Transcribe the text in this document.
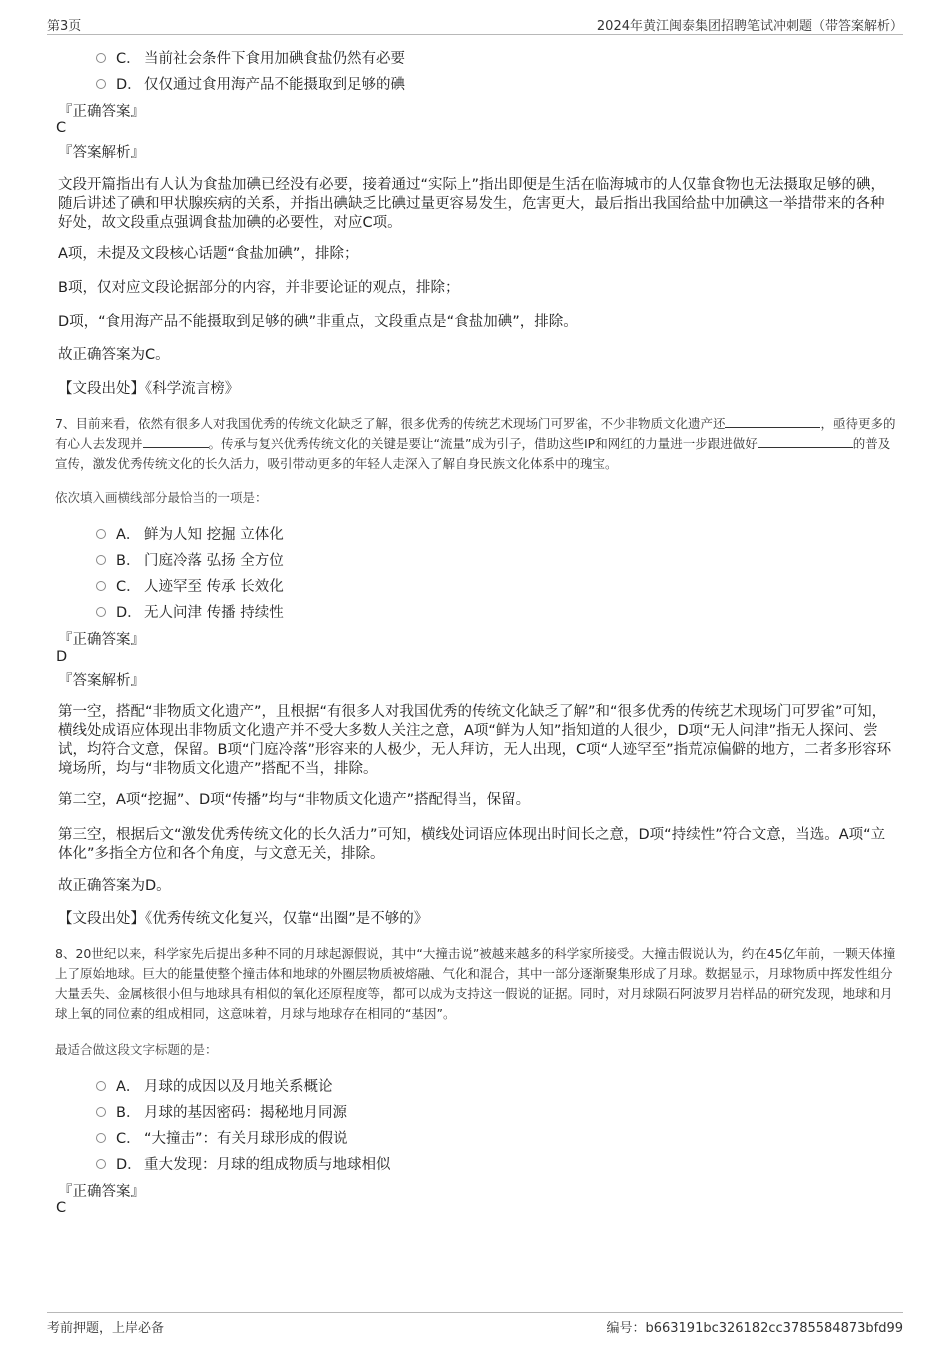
第3页	2024年黄江闽泰集团招聘笔试冲刺题（带答案解析）
C． 当前社会条件下食用加碘食盐仍然有必要
D． 仅仅通过食用海产品不能摄取到足够的碘
『正确答案』
C
『答案解析』
文段开篇指出有人认为食盐加碘已经没有必要，接着通过“实际上”指出即便是生活在临海城市的人仅靠食物也无法摄取足够的碘，随后讲述了碘和甲状腺疾病的关系，并指出碘缺乏比碘过量更容易发生，危害更大，最后指出我国给盐中加碘这一举措带来的各种好处，故文段重点强调食盐加碘的必要性，对应C项。
A项，未提及文段核心话题“食盐加碘”，排除；
B项，仅对应文段论据部分的内容，并非要论证的观点，排除；
D项，“食用海产品不能摄取到足够的碘”非重点，文段重点是“食盐加碘”，排除。
故正确答案为C。
【文段出处】《科学流言榜》
7、目前来看，依然有很多人对我国优秀的传统文化缺乏了解，很多优秀的传统艺术现场门可罗雀，不少非物质文化遗产还	，亟待更多的有心人去发现并	。传承与复兴优秀传统文化的关键是要让“流量”成为引子，借助这些IP和网红的力量进一步跟进做好	的普及宣传，激发优秀传统文化的长久活力，吸引带动更多的年轻人走深入了解自身民族文化体系中的瑰宝。
依次填入画横线部分最恰当的一项是：
A． 鲜为人知 挖掘 立体化
B． 门庭冷落 弘扬 全方位
C． 人迹罕至 传承 长效化
D． 无人问津 传播 持续性
『正确答案』
D
『答案解析』
第一空，搭配“非物质文化遗产”，且根据“有很多人对我国优秀的传统文化缺乏了解”和“很多优秀的传统艺术现场门可罗雀”可知，横线处成语应体现出非物质文化遗产并不受大多数人关注之意，A项“鲜为人知”指知道的人很少，D项“无人问津”指无人探问、尝试，均符合文意，保留。B项“门庭冷落”形容来的人极少，无人拜访，无人出现，C项“人迹罕至”指荒凉偏僻的地方，二者多形容环境场所，均与“非物质文化遗产”搭配不当，排除。
第二空，A项“挖掘”、D项“传播”均与“非物质文化遗产”搭配得当，保留。
第三空，根据后文“激发优秀传统文化的长久活力”可知，横线处词语应体现出时间长之意，D项“持续性”符合文意，当选。A项“立体化”多指全方位和各个角度，与文意无关，排除。
故正确答案为D。
【文段出处】《优秀传统文化复兴，仅靠“出圈”是不够的》
8、20世纪以来，科学家先后提出多种不同的月球起源假说，其中“大撞击说”被越来越多的科学家所接受。大撞击假说认为，约在45亿年前，一颗天体撞上了原始地球。巨大的能量使整个撞击体和地球的外圈层物质被熔融、气化和混合，其中一部分逐渐聚集形成了月球。数据显示，月球物质中挥发性组分大量丢失、金属核很小但与地球具有相似的氧化还原程度等，都可以成为支持这一假说的证据。同时，对月球陨石阿波罗月岩样品的研究发现，地球和月球上氧的同位素的组成相同，这意味着，月球与地球存在相同的“基因”。
最适合做这段文字标题的是：
A． 月球的成因以及月地关系概论
B． 月球的基因密码：揭秘地月同源
C． “大撞击”：有关月球形成的假说
D． 重大发现：月球的组成物质与地球相似
『正确答案』
C
考前押题，上岸必备	编号：b663191bc326182cc3785584873bfd99
